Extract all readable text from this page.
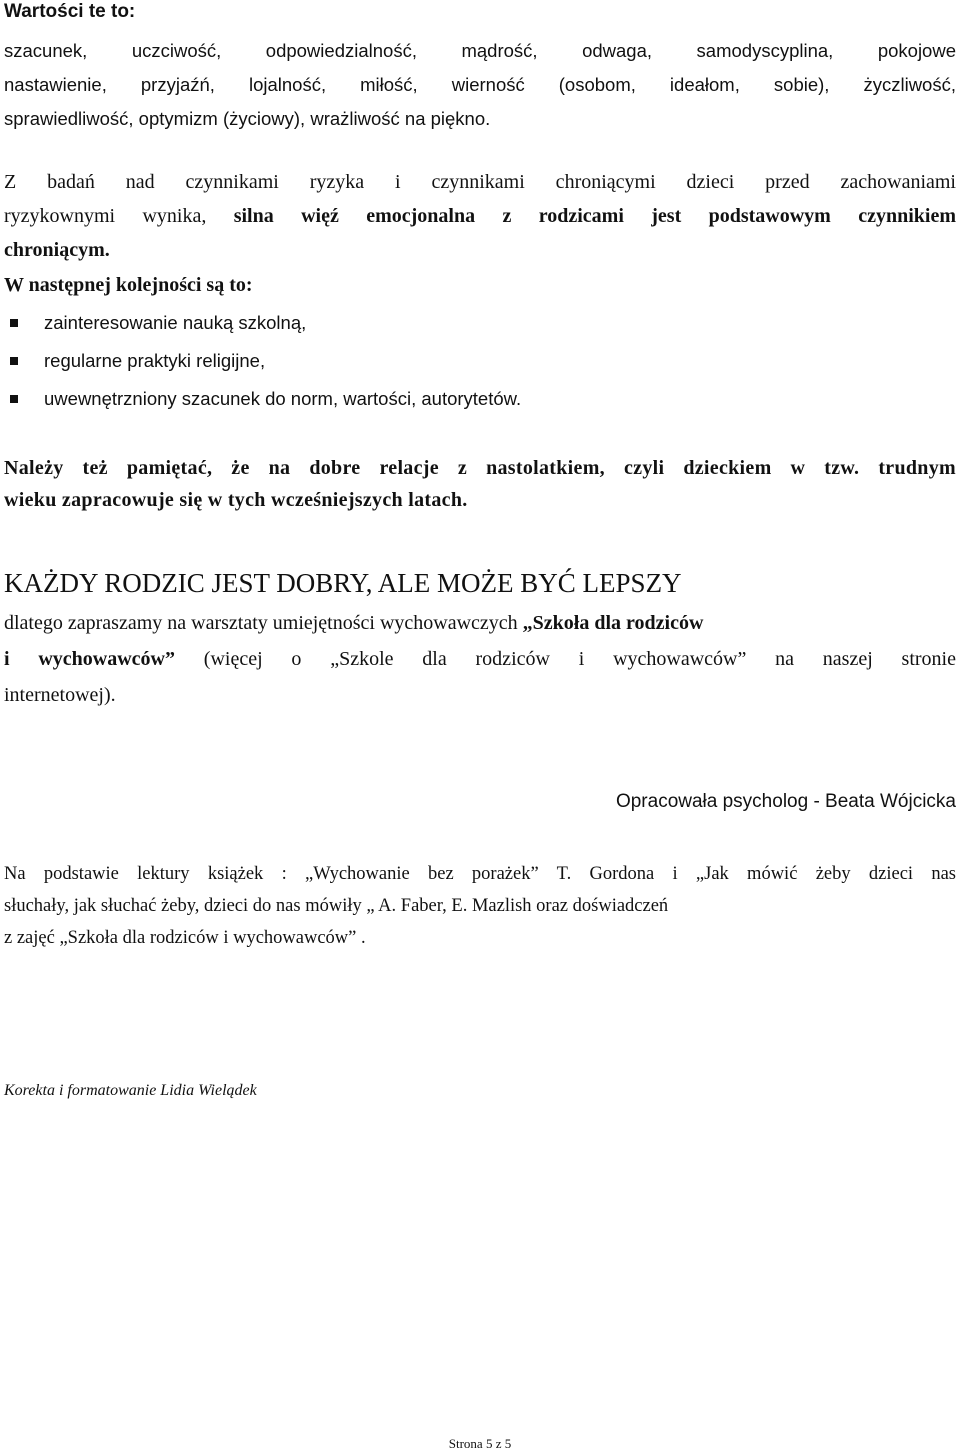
Wartości te to:
szacunek, uczciwość, odpowiedzialność, mądrość, odwaga, samodyscyplina, pokojowe
nastawienie, przyjaźń, lojalność, miłość, wierność (osobom, ideałom, sobie), życzliwość,
sprawiedliwość, optymizm (życiowy), wrażliwość na piękno.
Z badań nad czynnikami ryzyka i czynnikami chroniącymi dzieci przed zachowaniami
ryzykownymi wynika, silna więź emocjonalna z rodzicami jest podstawowym czynnikiem
chroniącym.
W następnej kolejności są to:
zainteresowanie nauką szkolną,
regularne praktyki religijne,
uwewnętrzniony szacunek do norm, wartości, autorytetów.
Należy też pamiętać, że na dobre relacje z nastolatkiem, czyli dzieckiem w tzw. trudnym
wieku zapracowuje się w tych wcześniejszych latach.
KAŻDY RODZIC JEST DOBRY, ALE MOŻE BYĆ LEPSZY
dlatego zapraszamy na warsztaty umiejętności wychowawczych „Szkoła dla rodziców
i wychowawców” (więcej o „Szkole dla rodziców i wychowawców” na naszej stronie
internetowej).
Opracowała psycholog - Beata Wójcicka
Na podstawie lektury książek : „Wychowanie bez porażek” T. Gordona i „Jak mówić żeby dzieci nas
słuchały, jak słuchać żeby, dzieci do nas mówiły „ A. Faber, E. Mazlish oraz doświadczeń
z zajęć „Szkoła dla rodziców i wychowawców” .
Korekta i formatowanie Lidia Wielądek
Strona 5 z 5
